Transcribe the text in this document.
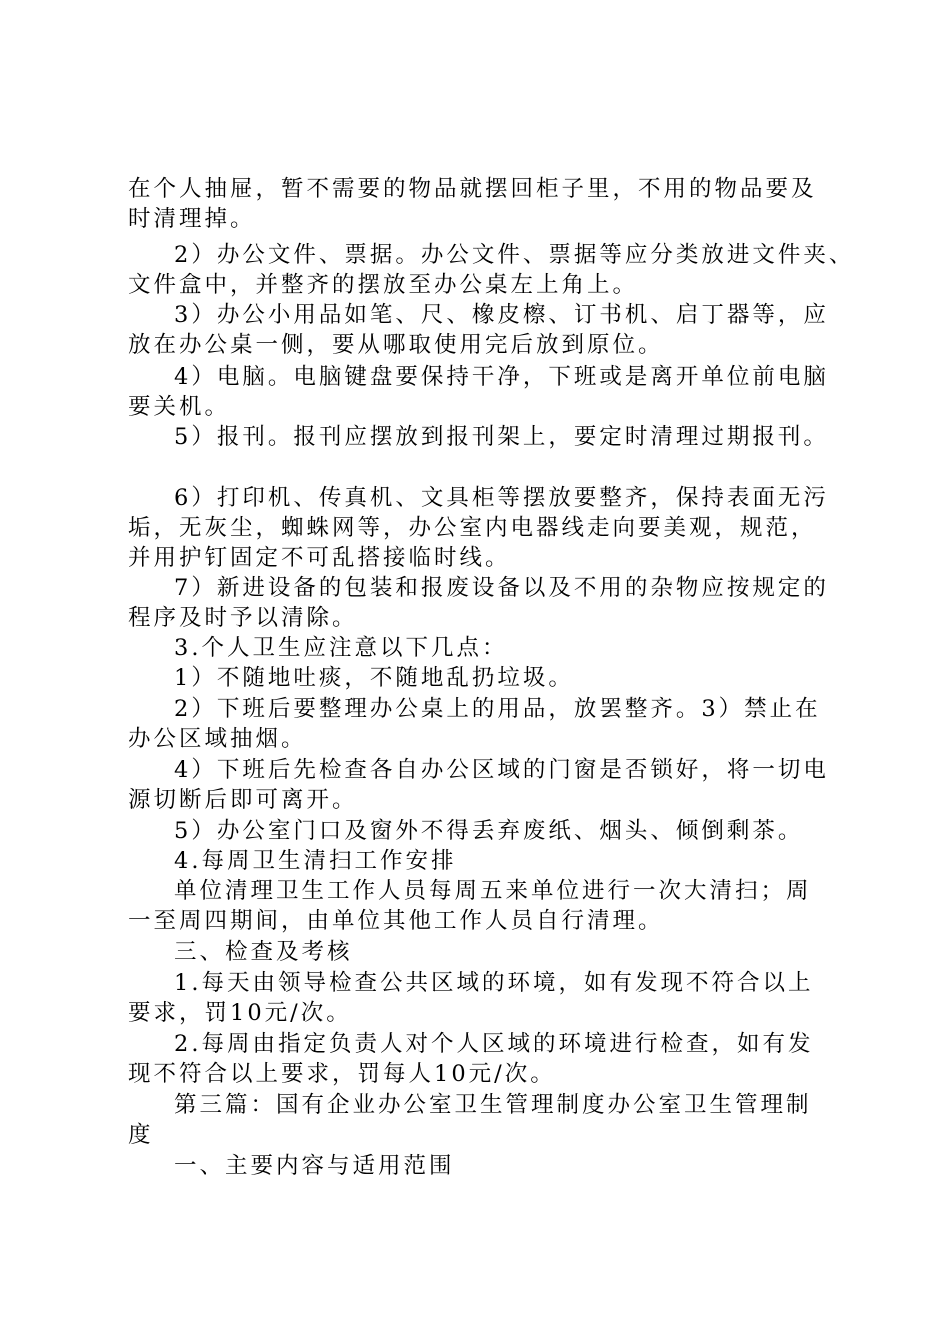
在个人抽屉，暂不需要的物品就摆回柜子里，不用的物品要及
时清理掉。
2）办公文件、票据。办公文件、票据等应分类放进文件夹、
文件盒中，并整齐的摆放至办公桌左上角上。
3）办公小用品如笔、尺、橡皮檫、订书机、启丁器等，应
放在办公桌一侧，要从哪取使用完后放到原位。
4）电脑。电脑键盘要保持干净，下班或是离开单位前电脑
要关机。
5）报刊。报刊应摆放到报刊架上，要定时清理过期报刊。
6）打印机、传真机、文具柜等摆放要整齐，保持表面无污
垢，无灰尘，蜘蛛网等，办公室内电器线走向要美观，规范，
并用护钉固定不可乱搭接临时线。
7）新进设备的包装和报废设备以及不用的杂物应按规定的
程序及时予以清除。
3.个人卫生应注意以下几点：
1）不随地吐痰，不随地乱扔垃圾。
2）下班后要整理办公桌上的用品，放罢整齐。3）禁止在
办公区域抽烟。
4）下班后先检查各自办公区域的门窗是否锁好，将一切电
源切断后即可离开。
5）办公室门口及窗外不得丢弃废纸、烟头、倾倒剩茶。
4.每周卫生清扫工作安排
单位清理卫生工作人员每周五来单位进行一次大清扫；周
一至周四期间，由单位其他工作人员自行清理。
三、检查及考核
1.每天由领导检查公共区域的环境，如有发现不符合以上
要求，罚10元/次。
2.每周由指定负责人对个人区域的环境进行检查，如有发
现不符合以上要求，罚每人10元/次。
第三篇：国有企业办公室卫生管理制度办公室卫生管理制
度
一、主要内容与适用范围
